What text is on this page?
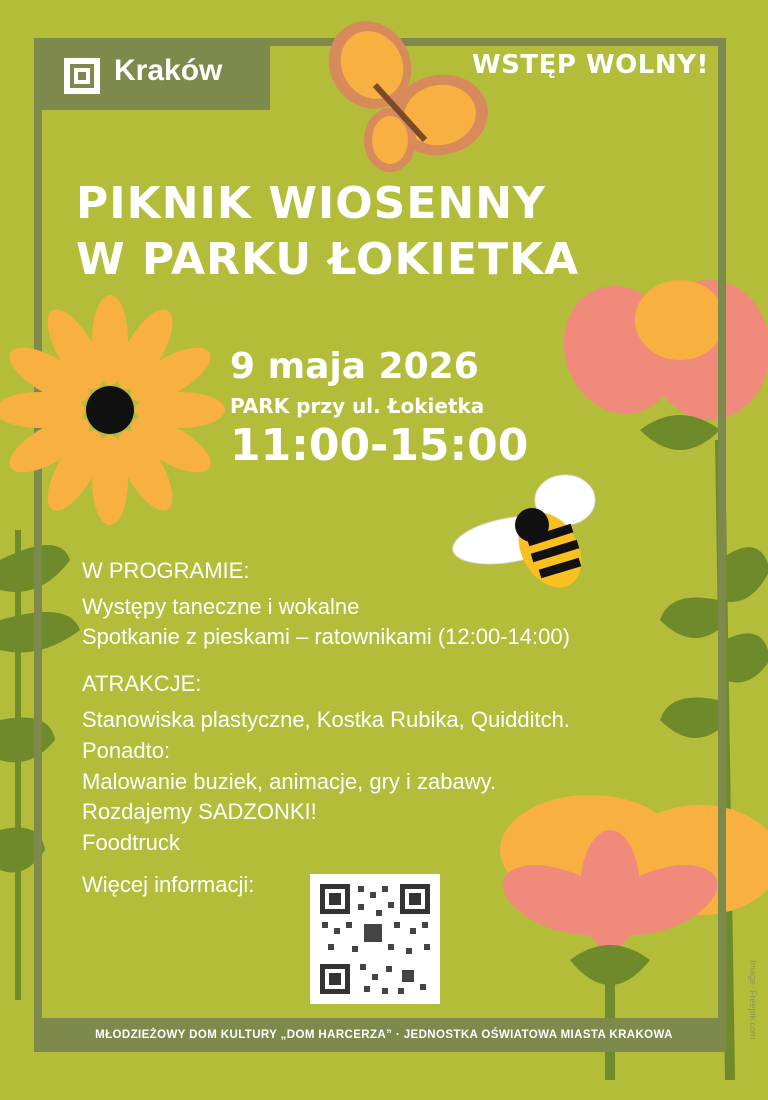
Kraków	WSTĘP WOLNY!
PIKNIK WIOSENNY
W PARKU ŁOKIETKA
9 maja 2026
PARK przy ul. Łokietka
11:00-15:00
W PROGRAMIE:
Występy taneczne i wokalne
Spotkanie z pieskami – ratownikami (12:00-14:00)
ATRAKCJE:
Stanowiska plastyczne, Kostka Rubika, Quidditch.
Ponadto:
Malowanie buziek, animacje, gry i zabawy.
Rozdajemy SADZONKI!
Foodtruck
Więcej informacji:
MŁODZIEŻOWY DOM KULTURY „DOM HARCERZA” · JEDNOSTKA OŚWIATOWA MIASTA KRAKOWA	Image: Freepik.com
